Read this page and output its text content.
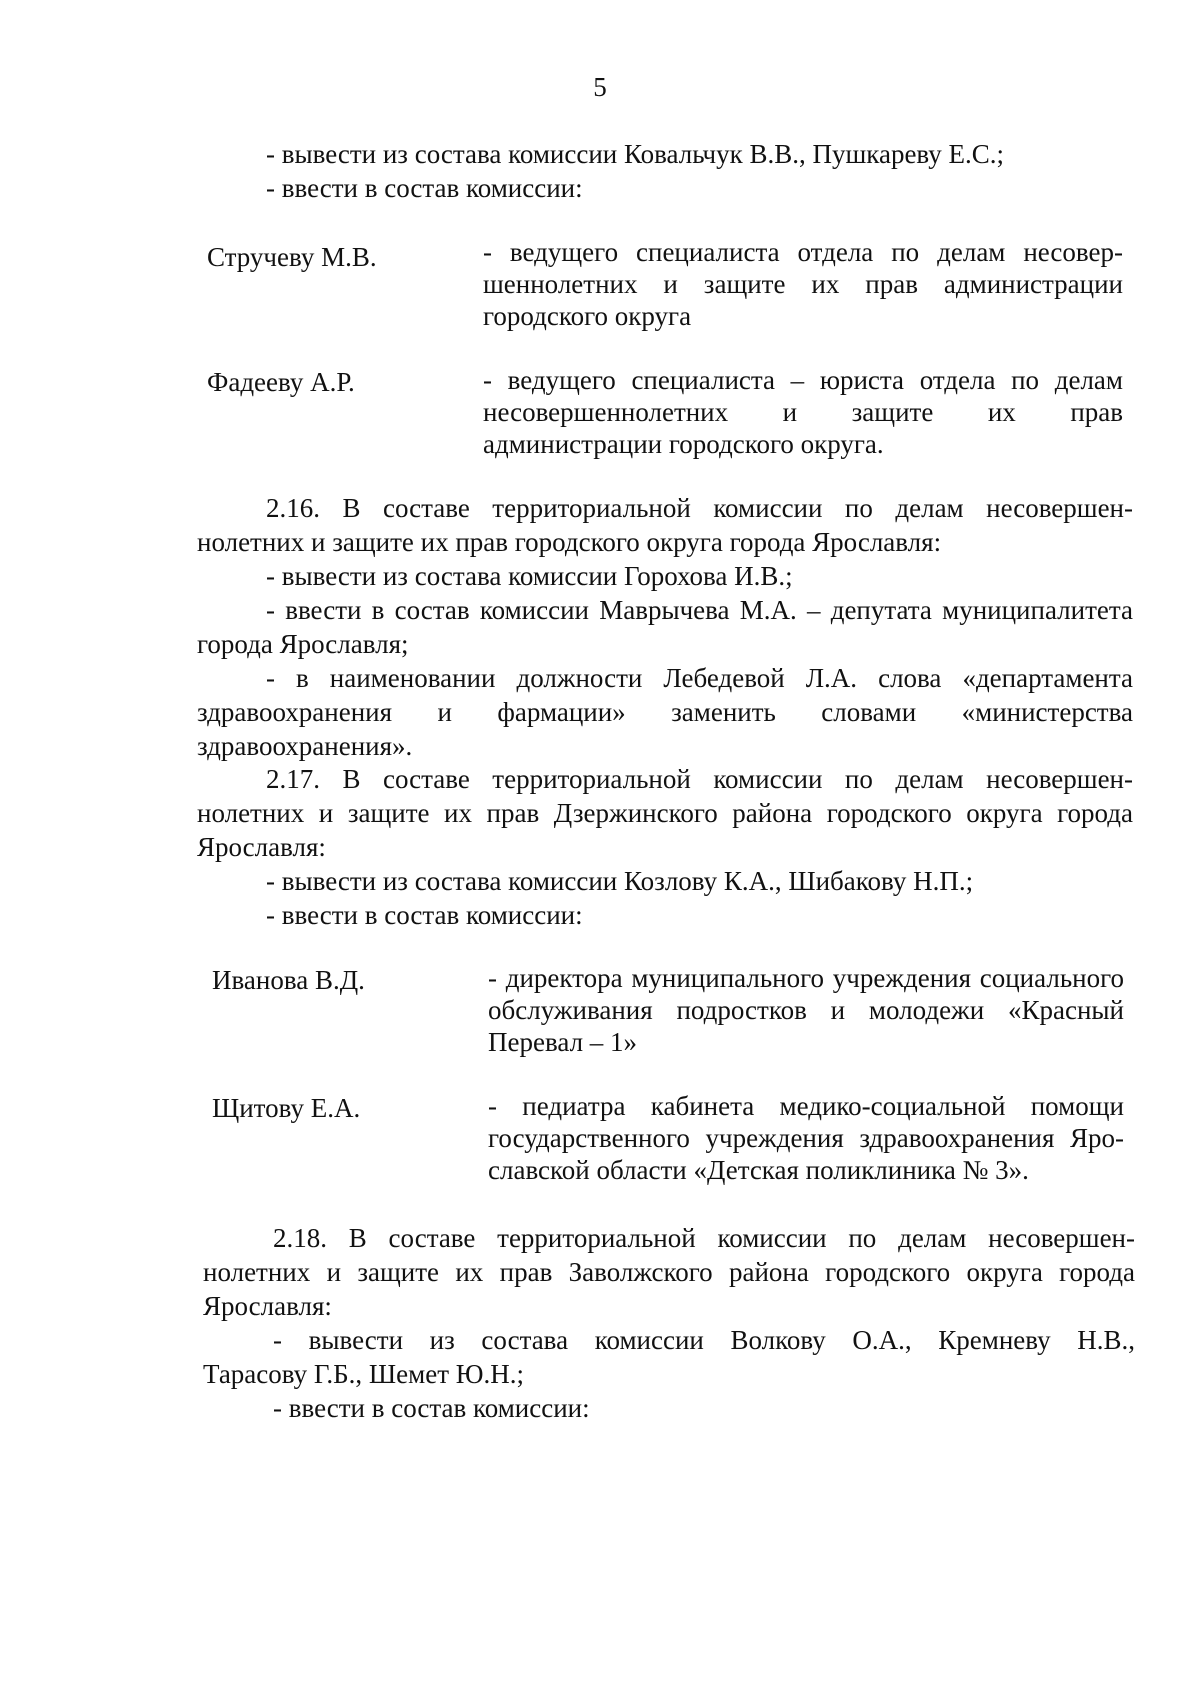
5
- вывести из состава комиссии Ковальчук В.В., Пушкареву Е.С.;
- ввести в состав комиссии:
Стручеву М.В.	- ведущего специалиста отдела по делам несовер-
шеннолетних и защите их прав администрации
городского округа
Фадееву А.Р.	- ведущего специалиста – юриста отдела по делам
несовершеннолетних и защите их прав
администрации городского округа.
2.16. В составе территориальной комиссии по делам несовершен-
нолетних и защите их прав городского округа города Ярославля:
- вывести из состава комиссии Горохова И.В.;
- ввести в состав комиссии Маврычева М.А. – депутата муниципалитета
города Ярославля;
- в наименовании должности Лебедевой Л.А. слова «департамента
здравоохранения и фармации» заменить словами «министерства
здравоохранения».
2.17. В составе территориальной комиссии по делам несовершен-
нолетних и защите их прав Дзержинского района городского округа города
Ярославля:
- вывести из состава комиссии Козлову К.А., Шибакову Н.П.;
- ввести в состав комиссии:
Иванова В.Д.	- директора муниципального учреждения социального
обслуживания подростков и молодежи «Красный
Перевал – 1»
Щитову Е.А.	- педиатра кабинета медико-социальной помощи
государственного учреждения здравоохранения Яро-
славской области «Детская поликлиника № 3».
2.18. В составе территориальной комиссии по делам несовершен-
нолетних и защите их прав Заволжского района городского округа города
Ярославля:
- вывести из состава комиссии Волкову О.А., Кремневу Н.В.,
Тарасову Г.Б., Шемет Ю.Н.;
- ввести в состав комиссии:
